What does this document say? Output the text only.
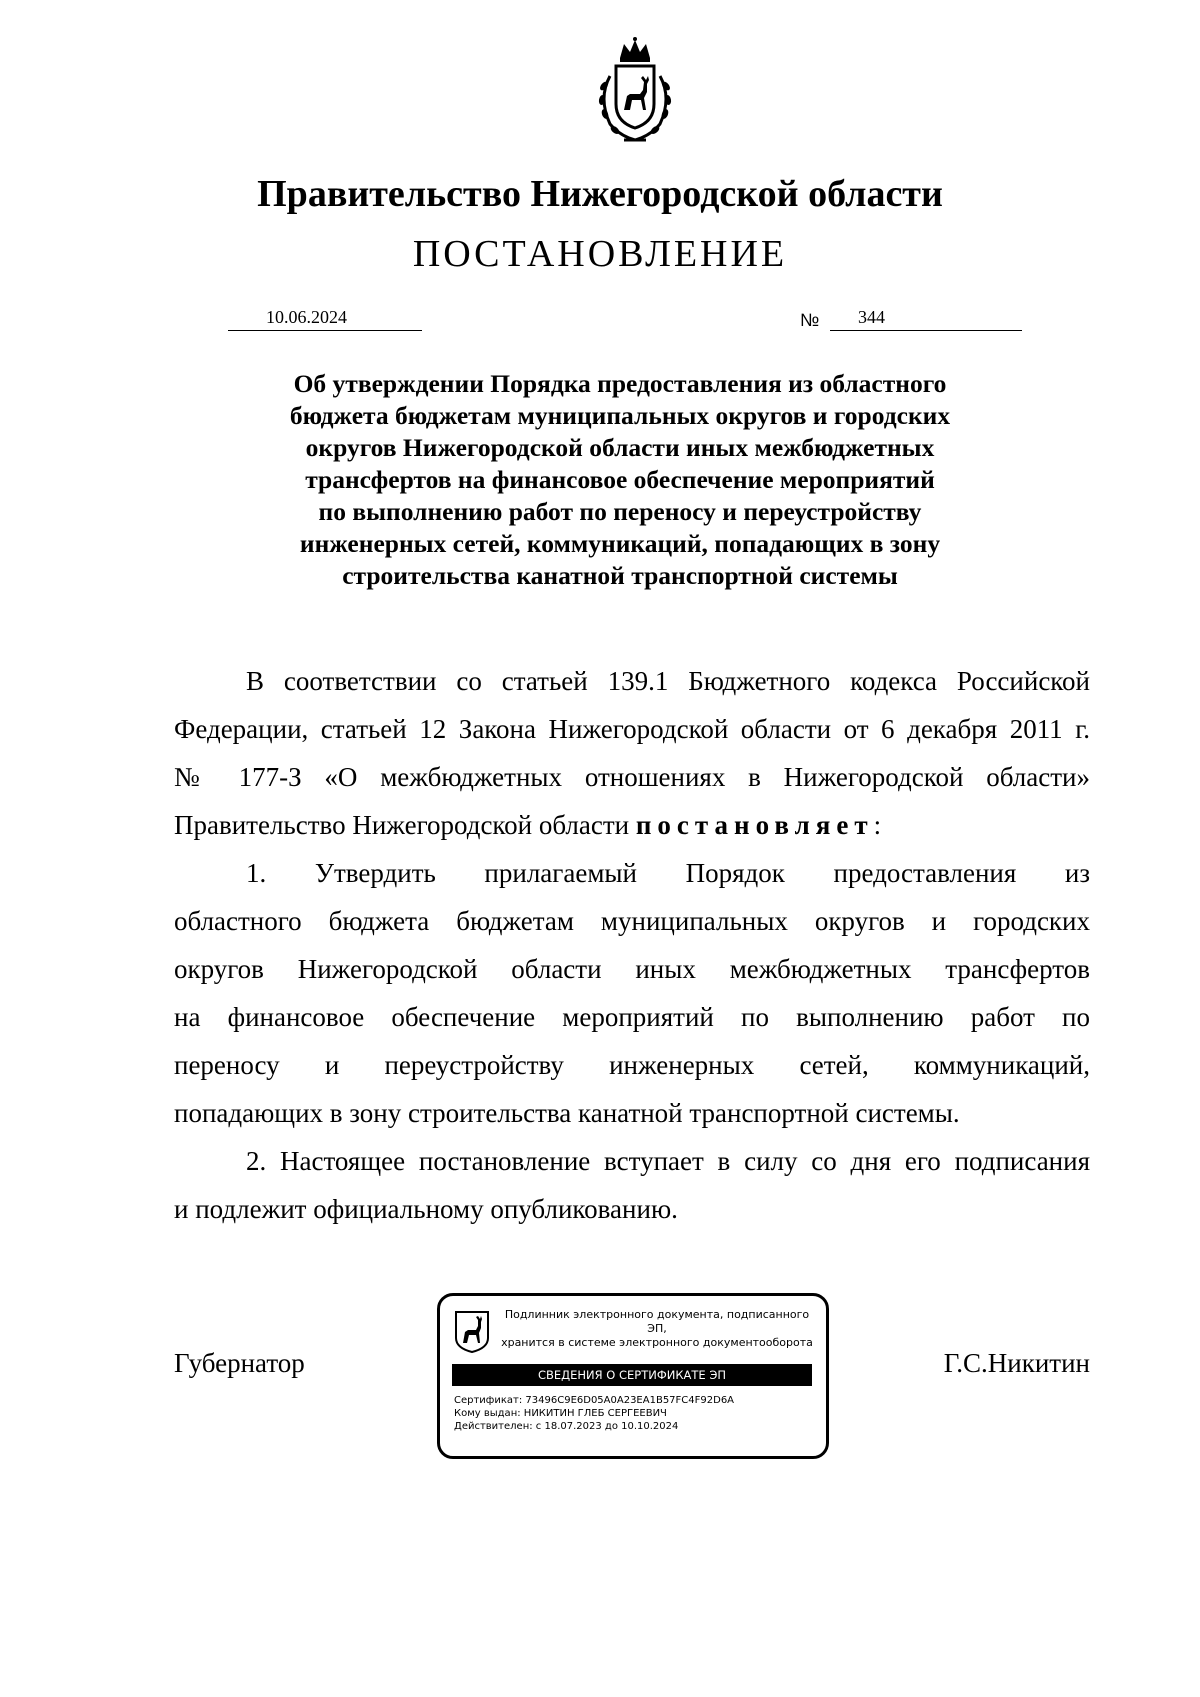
Правительство Нижегородской области
ПОСТАНОВЛЕНИЕ
10.06.2024	№ 344
Об утверждении Порядка предоставления из областного
бюджета бюджетам муниципальных округов и городских
округов Нижегородской области иных межбюджетных
трансфертов на финансовое обеспечение мероприятий
по выполнению работ по переносу и переустройству
инженерных сетей, коммуникаций, попадающих в зону
строительства канатной транспортной системы
В соответствии со статьей 139.1 Бюджетного кодекса Российской
Федерации, статьей 12 Закона Нижегородской области от 6 декабря 2011 г.
№ 177-З «О межбюджетных отношениях в Нижегородской области»
Правительство Нижегородской области постановляет:
1. Утвердить прилагаемый Порядок предоставления из
областного бюджета бюджетам муниципальных округов и городских
округов Нижегородской области иных межбюджетных трансфертов
на финансовое обеспечение мероприятий по выполнению работ по
переносу и переустройству инженерных сетей, коммуникаций,
попадающих в зону строительства канатной транспортной системы.
2. Настоящее постановление вступает в силу со дня его подписания
и подлежит официальному опубликованию.
Губернатор	Г.С.Никитин
Подлинник электронного документа, подписанного ЭП,
хранится в системе электронного документооборота
СВЕДЕНИЯ О СЕРТИФИКАТЕ ЭП
Сертификат: 73496C9E6D05A0A23EA1B57FC4F92D6A
Кому выдан: НИКИТИН ГЛЕБ СЕРГЕЕВИЧ
Действителен: с 18.07.2023 до 10.10.2024
